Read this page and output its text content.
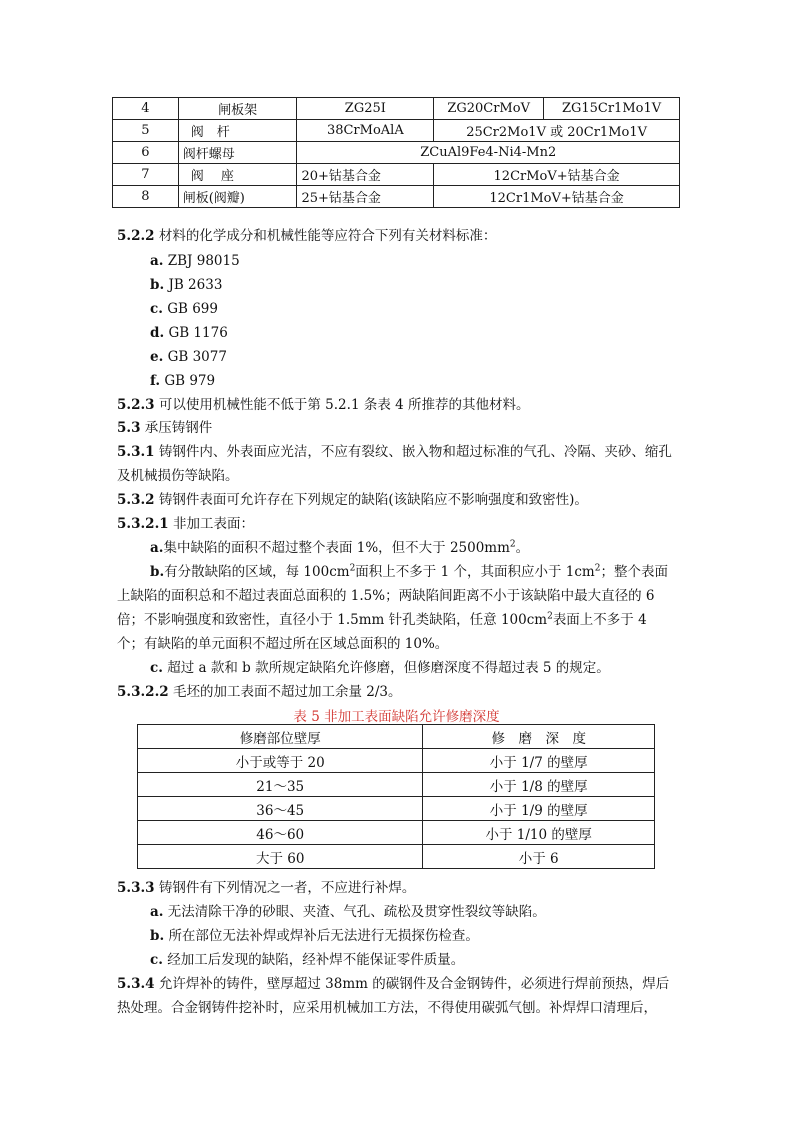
4	闸板架	ZG25Ⅰ	ZG20CrMoV	ZG15Cr1Mo1V
5	阀　杆	38CrMoAlA	25Cr2Mo1V 或 20Cr1Mo1V	
6	阀杆螺母	ZCuAl9Fe4-Ni4-Mn2		
7	阀　 座	20+钴基合金	12CrMoV+钴基合金	
8	闸板(阀瓣)	25+钴基合金	12Cr1MoV+钴基合金	
5.2.2 材料的化学成分和机械性能等应符合下列有关材料标准：
a. ZBJ 98015
b. JB 2633
c. GB 699
d. GB 1176
e. GB 3077
f. GB 979
5.2.3 可以使用机械性能不低于第 5.2.1 条表 4 所推荐的其他材料。
5.3 承压铸钢件
5.3.1 铸钢件内、外表面应光洁，不应有裂纹、嵌入物和超过标准的气孔、冷隔、夹砂、缩孔及机械损伤等缺陷。
5.3.2 铸钢件表面可允许存在下列规定的缺陷(该缺陷应不影响强度和致密性)。
5.3.2.1 非加工表面：
a.集中缺陷的面积不超过整个表面 1%，但不大于 $2500mm^2$。
b.有分散缺陷的区域，每 $100cm^2$面积上不多于 1 个，其面积应小于 $1cm^2$；整个表面上缺陷的面积总和不超过表面总面积的 1.5%；两缺陷间距离不小于该缺陷中最大直径的 6 倍；不影响强度和致密性，直径小于 1.5mm 针孔类缺陷，任意 $100cm^2$表面上不多于 4 个；有缺陷的单元面积不超过所在区域总面积的 10%。
c. 超过 a 款和 b 款所规定缺陷允许修磨，但修磨深度不得超过表 5 的规定。
5.3.2.2 毛坯的加工表面不超过加工余量 2/3。
表 5 非加工表面缺陷允许修磨深度
修磨部位壁厚	修　磨　深　度
小于或等于 20	小于 1/7 的壁厚
21～35	小于 1/8 的壁厚
36～45	小于 1/9 的壁厚
46～60	小于 1/10 的壁厚
大于 60	小于 6
5.3.3 铸钢件有下列情况之一者，不应进行补焊。
a. 无法清除干净的砂眼、夹渣、气孔、疏松及贯穿性裂纹等缺陷。
b. 所在部位无法补焊或焊补后无法进行无损探伤检查。
c. 经加工后发现的缺陷，经补焊不能保证零件质量。
5.3.4 允许焊补的铸件，壁厚超过 38mm 的碳钢件及合金钢铸件，必须进行焊前预热，焊后热处理。合金钢铸件挖补时，应采用机械加工方法，不得使用碳弧气刨。补焊焊口清理后，
